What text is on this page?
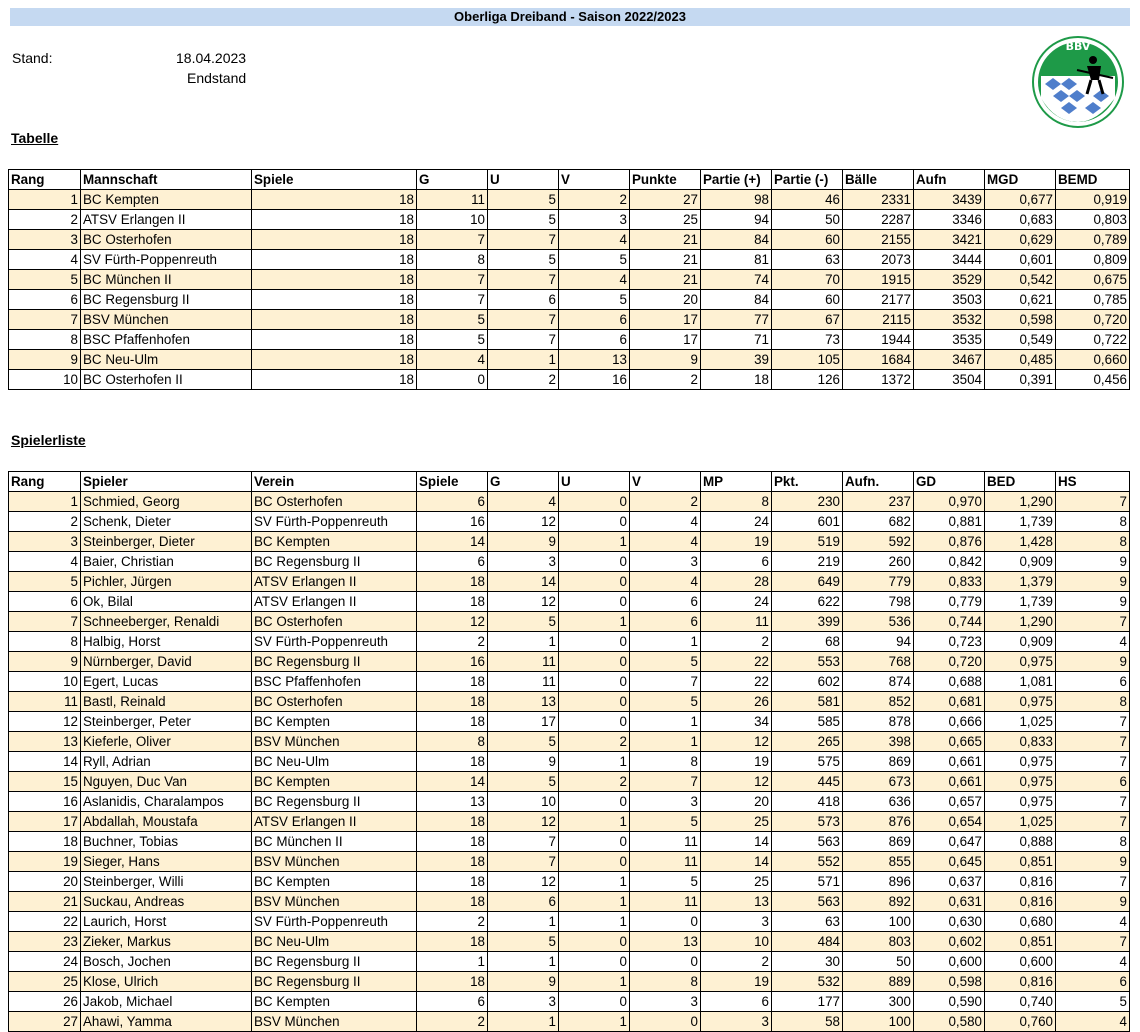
Oberliga Dreiband - Saison 2022/2023
Stand:	18.04.2023
Endstand
BBV
Tabelle
Rang	Mannschaft	Spiele	G	U	V	Punkte	Partie (+)	Partie (-)	Bälle	Aufn	MGD	BEMD
1	BC Kempten	18	11	5	2	27	98	46	2331	3439	0,677	0,919
2	ATSV Erlangen II	18	10	5	3	25	94	50	2287	3346	0,683	0,803
3	BC Osterhofen	18	7	7	4	21	84	60	2155	3421	0,629	0,789
4	SV Fürth-Poppenreuth	18	8	5	5	21	81	63	2073	3444	0,601	0,809
5	BC München II	18	7	7	4	21	74	70	1915	3529	0,542	0,675
6	BC Regensburg II	18	7	6	5	20	84	60	2177	3503	0,621	0,785
7	BSV München	18	5	7	6	17	77	67	2115	3532	0,598	0,720
8	BSC Pfaffenhofen	18	5	7	6	17	71	73	1944	3535	0,549	0,722
9	BC Neu-Ulm	18	4	1	13	9	39	105	1684	3467	0,485	0,660
10	BC Osterhofen II	18	0	2	16	2	18	126	1372	3504	0,391	0,456
Spielerliste
Rang	Spieler	Verein	Spiele	G	U	V	MP	Pkt.	Aufn.	GD	BED	HS
1	Schmied, Georg	BC Osterhofen	6	4	0	2	8	230	237	0,970	1,290	7
2	Schenk, Dieter	SV Fürth-Poppenreuth	16	12	0	4	24	601	682	0,881	1,739	8
3	Steinberger, Dieter	BC Kempten	14	9	1	4	19	519	592	0,876	1,428	8
4	Baier, Christian	BC Regensburg II	6	3	0	3	6	219	260	0,842	0,909	9
5	Pichler, Jürgen	ATSV Erlangen II	18	14	0	4	28	649	779	0,833	1,379	9
6	Ok, Bilal	ATSV Erlangen II	18	12	0	6	24	622	798	0,779	1,739	9
7	Schneeberger, Renaldi	BC Osterhofen	12	5	1	6	11	399	536	0,744	1,290	7
8	Halbig, Horst	SV Fürth-Poppenreuth	2	1	0	1	2	68	94	0,723	0,909	4
9	Nürnberger, David	BC Regensburg II	16	11	0	5	22	553	768	0,720	0,975	9
10	Egert, Lucas	BSC Pfaffenhofen	18	11	0	7	22	602	874	0,688	1,081	6
11	Bastl, Reinald	BC Osterhofen	18	13	0	5	26	581	852	0,681	0,975	8
12	Steinberger, Peter	BC Kempten	18	17	0	1	34	585	878	0,666	1,025	7
13	Kieferle, Oliver	BSV München	8	5	2	1	12	265	398	0,665	0,833	7
14	Ryll, Adrian	BC Neu-Ulm	18	9	1	8	19	575	869	0,661	0,975	7
15	Nguyen, Duc Van	BC Kempten	14	5	2	7	12	445	673	0,661	0,975	6
16	Aslanidis, Charalampos	BC Regensburg II	13	10	0	3	20	418	636	0,657	0,975	7
17	Abdallah, Moustafa	ATSV Erlangen II	18	12	1	5	25	573	876	0,654	1,025	7
18	Buchner, Tobias	BC München II	18	7	0	11	14	563	869	0,647	0,888	8
19	Sieger, Hans	BSV München	18	7	0	11	14	552	855	0,645	0,851	9
20	Steinberger, Willi	BC Kempten	18	12	1	5	25	571	896	0,637	0,816	7
21	Suckau, Andreas	BSV München	18	6	1	11	13	563	892	0,631	0,816	9
22	Laurich, Horst	SV Fürth-Poppenreuth	2	1	1	0	3	63	100	0,630	0,680	4
23	Zieker, Markus	BC Neu-Ulm	18	5	0	13	10	484	803	0,602	0,851	7
24	Bosch, Jochen	BC Regensburg II	1	1	0	0	2	30	50	0,600	0,600	4
25	Klose, Ulrich	BC Regensburg II	18	9	1	8	19	532	889	0,598	0,816	6
26	Jakob, Michael	BC Kempten	6	3	0	3	6	177	300	0,590	0,740	5
27	Ahawi, Yamma	BSV München	2	1	1	0	3	58	100	0,580	0,760	4
